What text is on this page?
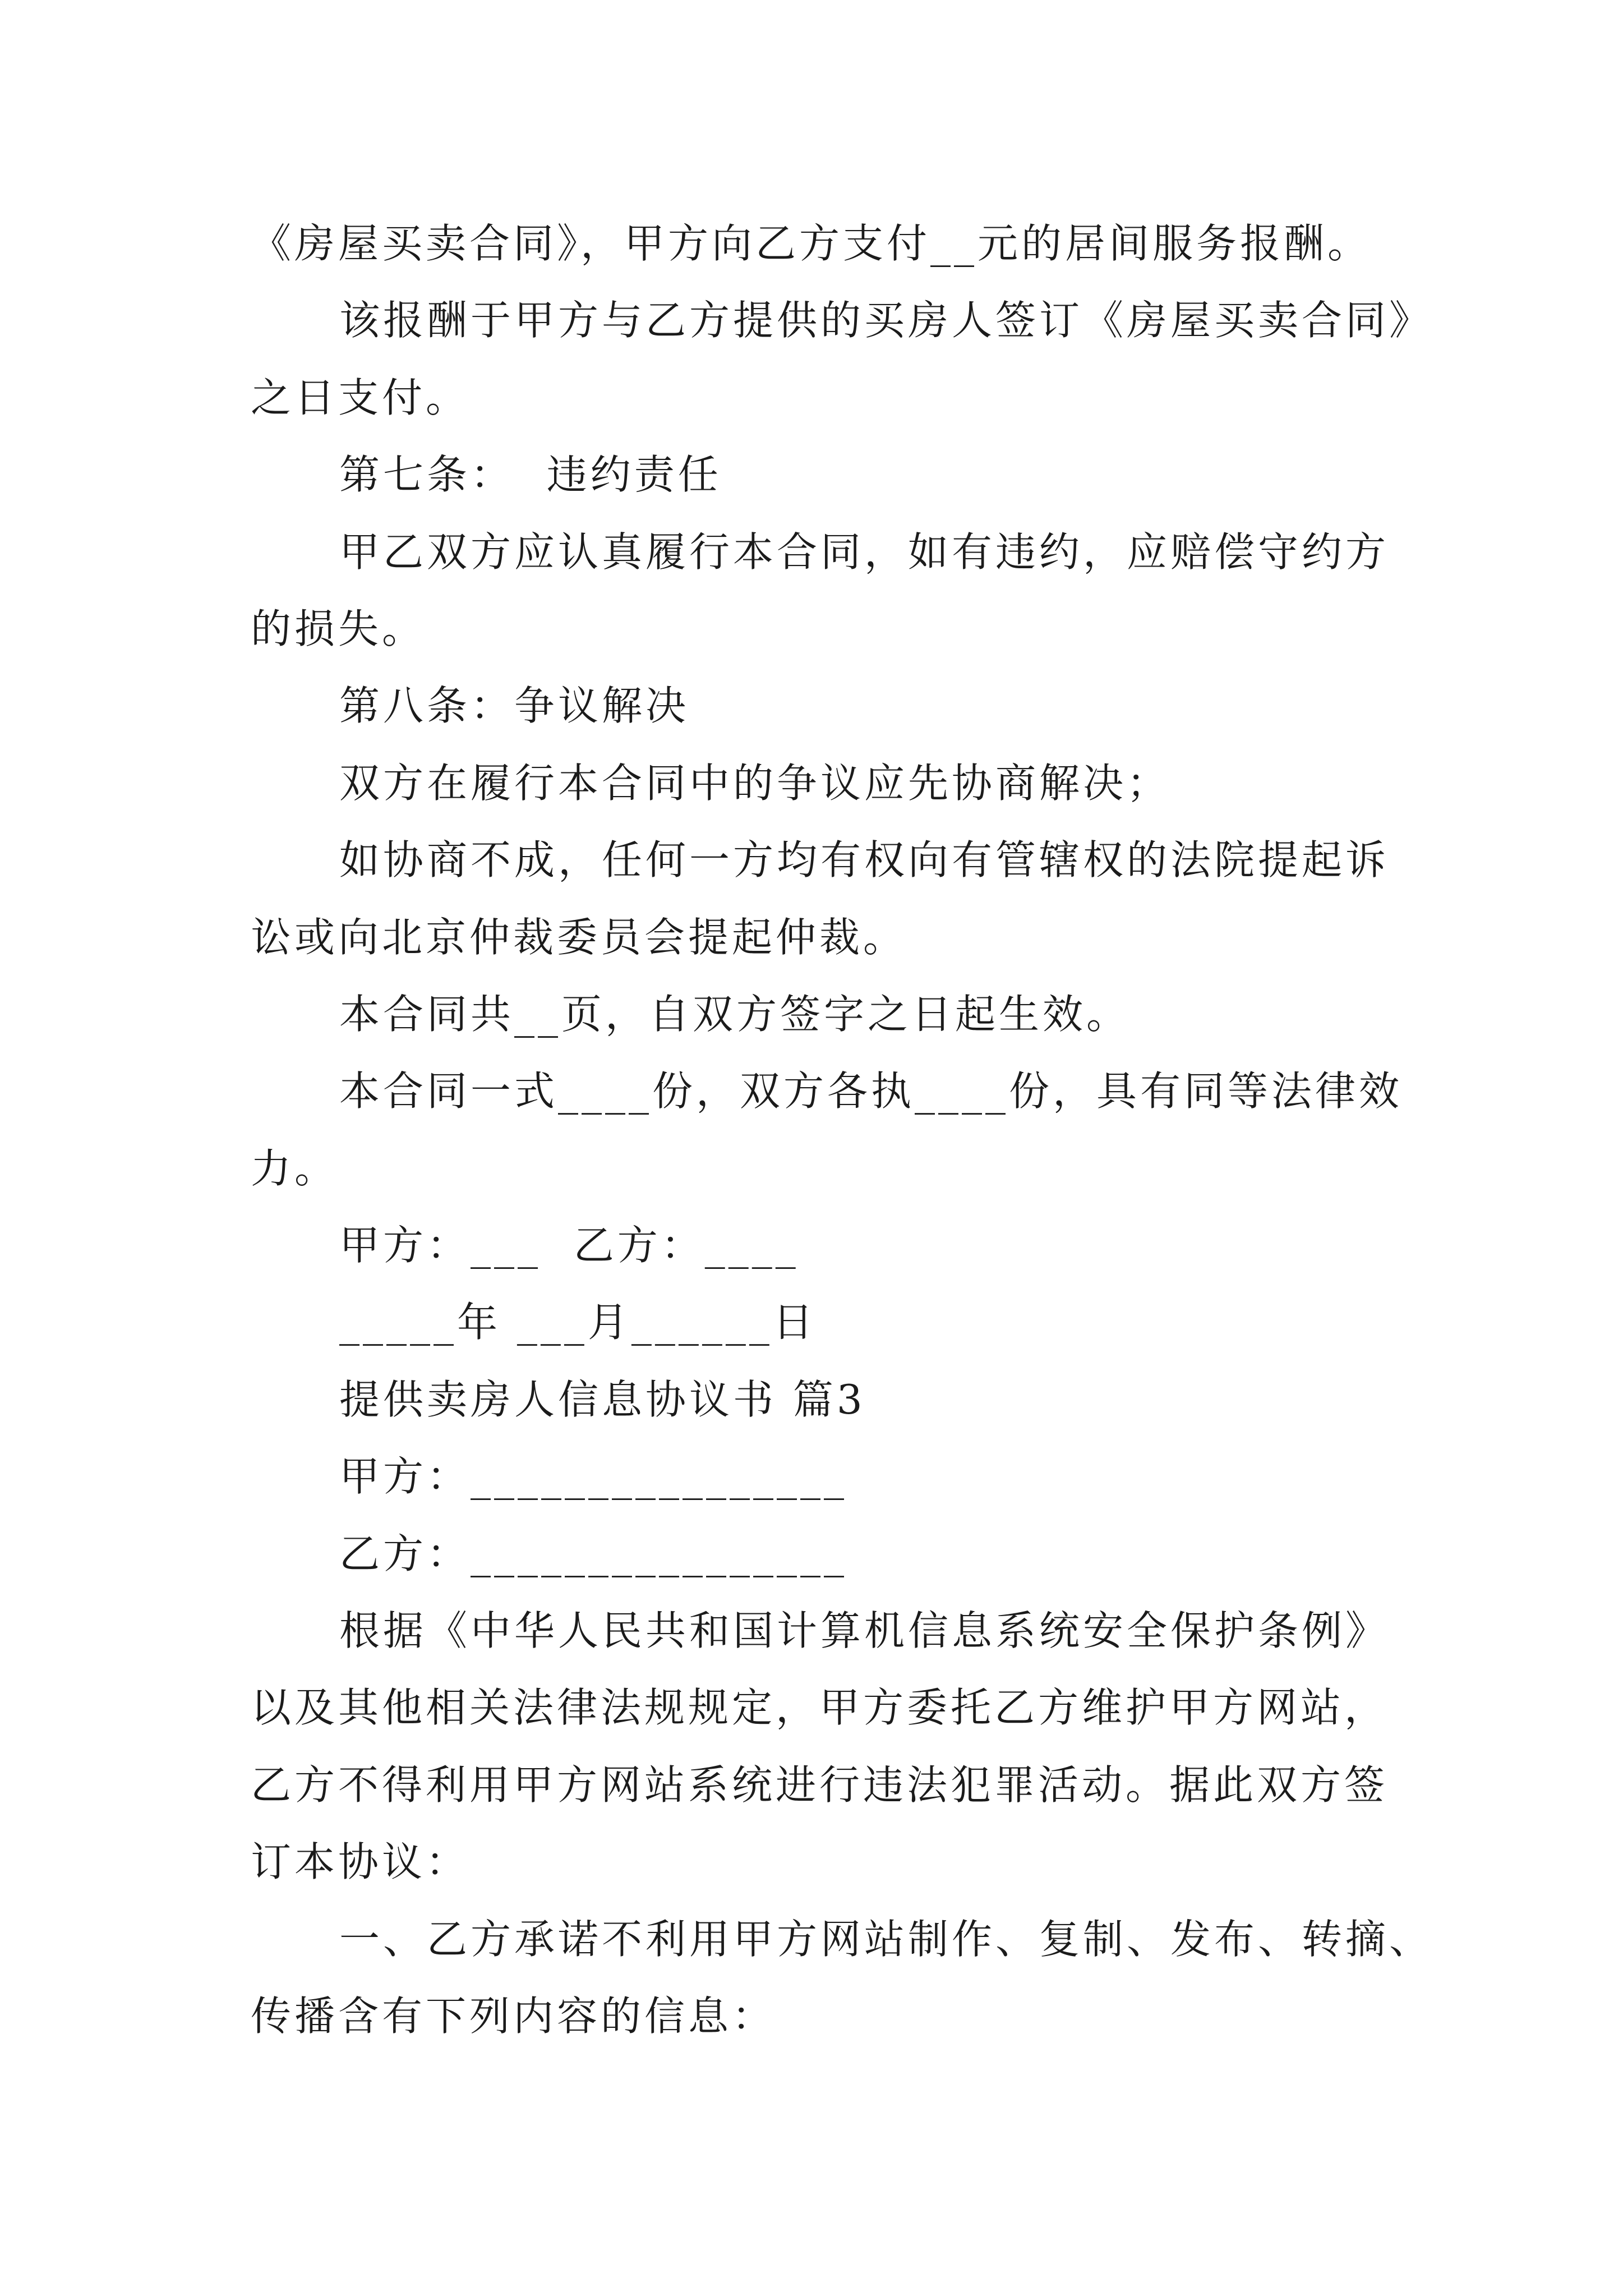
《房屋买卖合同》，甲方向乙方支付__元的居间服务报酬。
该报酬于甲方与乙方提供的买房人签订《房屋买卖合同》
之日支付。
第七条：  违约责任
甲乙双方应认真履行本合同，如有违约，应赔偿守约方
的损失。
第八条：争议解决
双方在履行本合同中的争议应先协商解决；
如协商不成，任何一方均有权向有管辖权的法院提起诉
讼或向北京仲裁委员会提起仲裁。
本合同共__页，自双方签字之日起生效。
本合同一式____份，双方各执____份，具有同等法律效
力。
甲方：___  乙方：____
_____年 ___月______日
提供卖房人信息协议书 篇3
甲方：________________
乙方：________________
根据《中华人民共和国计算机信息系统安全保护条例》
以及其他相关法律法规规定，甲方委托乙方维护甲方网站，
乙方不得利用甲方网站系统进行违法犯罪活动。据此双方签
订本协议：
一、乙方承诺不利用甲方网站制作、复制、发布、转摘、
传播含有下列内容的信息：
